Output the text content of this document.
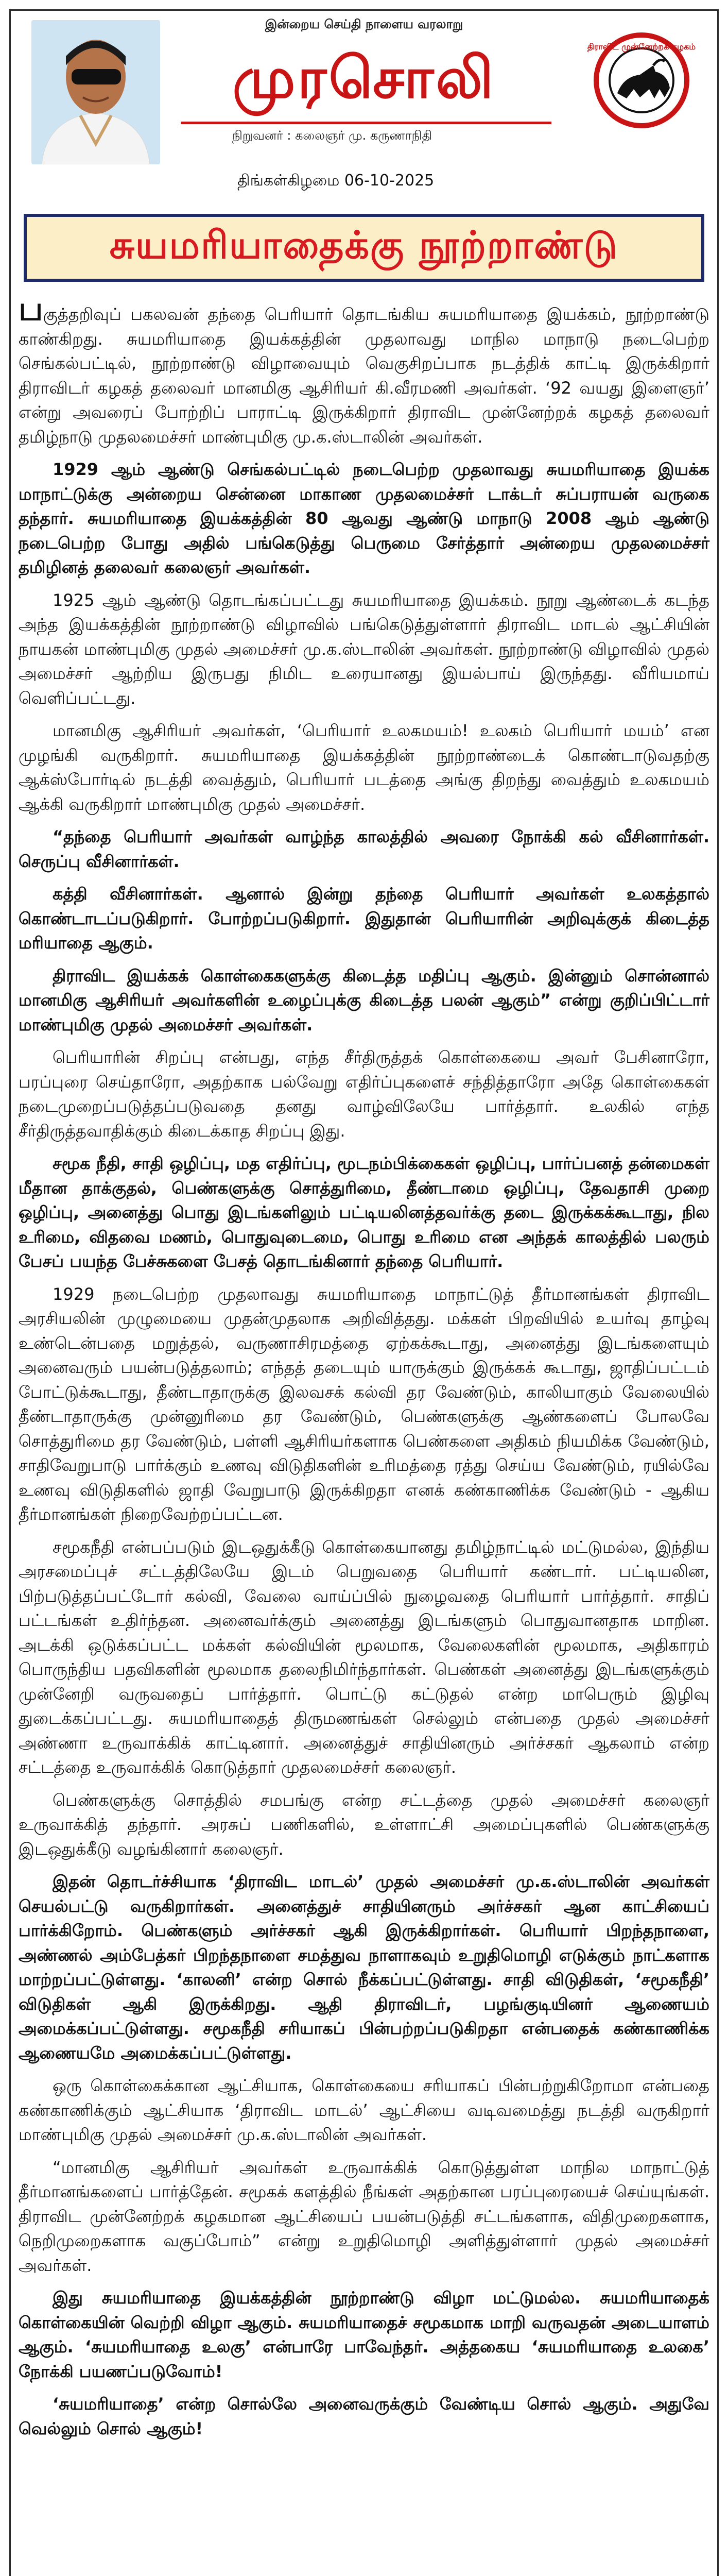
இன்றைய செய்தி நாளைய வரலாறு
முரசொலி
நிறுவனர் : கலைஞர் மு. கருணாநிதி
திங்கள்கிழமை 06-10-2025
திராவிட முன்னேற்றக் கழகம்
சுயமரியாதைக்கு நூற்றாண்டு

பகுத்தறிவுப் பகலவன் தந்தை பெரியார் தொடங்கிய சுயமரியாதை இயக்கம், நூற்றாண்டு காண்கிறது. சுயமரியாதை இயக்கத்தின் முதலாவது மாநில மாநாடு நடைபெற்ற செங்கல்பட்டில், நூற்றாண்டு விழாவையும் வெகுசிறப்பாக நடத்திக் காட்டி இருக்கிறார் திராவிடர் கழகத் தலைவர் மானமிகு ஆசிரியர் கி.வீரமணி அவர்கள். ‘92 வயது இளைஞர்’ என்று அவரைப் போற்றிப் பாராட்டி இருக்கிறார் திராவிட முன்னேற்றக் கழகத் தலைவர் தமிழ்நாடு முதலமைச்சர் மாண்புமிகு மு.க.ஸ்டாலின் அவர்கள்.

1929 ஆம் ஆண்டு செங்கல்பட்டில் நடைபெற்ற முதலாவது சுயமரியாதை இயக்க மாநாட்டுக்கு அன்றைய சென்னை மாகாண முதலமைச்சர் டாக்டர் சுப்பராயன் வருகை தந்தார். சுயமரியாதை இயக்கத்தின் 80 ஆவது ஆண்டு மாநாடு 2008 ஆம் ஆண்டு நடைபெற்ற போது அதில் பங்கெடுத்து பெருமை சேர்த்தார் அன்றைய முதலமைச்சர் தமிழினத் தலைவர் கலைஞர் அவர்கள்.

1925 ஆம் ஆண்டு தொடங்கப்பட்டது சுயமரியாதை இயக்கம். நூறு ஆண்டைக் கடந்த அந்த இயக்கத்தின் நூற்றாண்டு விழாவில் பங்கெடுத்துள்ளார் திராவிட மாடல் ஆட்சியின் நாயகன் மாண்புமிகு முதல் அமைச்சர் மு.க.ஸ்டாலின் அவர்கள். நூற்றாண்டு விழாவில் முதல் அமைச்சர் ஆற்றிய இருபது நிமிட உரையானது இயல்பாய் இருந்தது. வீரியமாய் வெளிப்பட்டது.

மானமிகு ஆசிரியர் அவர்கள், ‘பெரியார் உலகமயம்! உலகம் பெரியார் மயம்’ என முழங்கி வருகிறார். சுயமரியாதை இயக்கத்தின் நூற்றாண்டைக் கொண்டாடுவதற்கு ஆக்ஸ்போர்டில் நடத்தி வைத்தும், பெரியார் படத்தை அங்கு திறந்து வைத்தும் உலகமயம் ஆக்கி வருகிறார் மாண்புமிகு முதல் அமைச்சர்.

“தந்தை பெரியார் அவர்கள் வாழ்ந்த காலத்தில் அவரை நோக்கி கல் வீசினார்கள். செருப்பு வீசினார்கள்.

கத்தி வீசினார்கள். ஆனால் இன்று தந்தை பெரியார் அவர்கள் உலகத்தால் கொண்டாடப்படுகிறார். போற்றப்படுகிறார். இதுதான் பெரியாரின் அறிவுக்குக் கிடைத்த மரியாதை ஆகும்.

திராவிட இயக்கக் கொள்கைகளுக்கு கிடைத்த மதிப்பு ஆகும். இன்னும் சொன்னால் மானமிகு ஆசிரியர் அவர்களின் உழைப்புக்கு கிடைத்த பலன் ஆகும்” என்று குறிப்பிட்டார் மாண்புமிகு முதல் அமைச்சர் அவர்கள்.

பெரியாரின் சிறப்பு என்பது, எந்த சீர்திருத்தக் கொள்கையை அவர் பேசினாரோ, பரப்புரை செய்தாரோ, அதற்காக பல்வேறு எதிர்ப்புகளைச் சந்தித்தாரோ அதே கொள்கைகள் நடைமுறைப்படுத்தப்படுவதை தனது வாழ்விலேயே பார்த்தார். உலகில் எந்த சீர்திருத்தவாதிக்கும் கிடைக்காத சிறப்பு இது.

சமூக நீதி, சாதி ஒழிப்பு, மத எதிர்ப்பு, மூடநம்பிக்கைகள் ஒழிப்பு, பார்ப்பனத் தன்மைகள் மீதான தாக்குதல், பெண்களுக்கு சொத்துரிமை, தீண்டாமை ஒழிப்பு, தேவதாசி முறை ஒழிப்பு, அனைத்து பொது இடங்களிலும் பட்டியலினத்தவர்க்கு தடை இருக்கக்கூடாது, நில உரிமை, விதவை மணம், பொதுவுடைமை, பொது உரிமை என அந்தக் காலத்தில் பலரும் பேசப் பயந்த பேச்சுகளை பேசத் தொடங்கினார் தந்தை பெரியார்.

1929 நடைபெற்ற முதலாவது சுயமரியாதை மாநாட்டுத் தீர்மானங்கள் திராவிட அரசியலின் முழுமையை முதன்முதலாக அறிவித்தது. மக்கள் பிறவியில் உயர்வு தாழ்வு உண்டென்பதை மறுத்தல், வருணாசிரமத்தை ஏற்கக்கூடாது, அனைத்து இடங்களையும் அனைவரும் பயன்படுத்தலாம்; எந்தத் தடையும் யாருக்கும் இருக்கக் கூடாது, ஜாதிப்பட்டம் போட்டுக்கூடாது, தீண்டாதாருக்கு இலவசக் கல்வி தர வேண்டும், காலியாகும் வேலையில் தீண்டாதாருக்கு முன்னுரிமை தர வேண்டும், பெண்களுக்கு ஆண்களைப் போலவே சொத்துரிமை தர வேண்டும், பள்ளி ஆசிரியர்களாக பெண்களை அதிகம் நியமிக்க வேண்டும், சாதிவேறுபாடு பார்க்கும் உணவு விடுதிகளின் உரிமத்தை ரத்து செய்ய வேண்டும், ரயில்வே உணவு விடுதிகளில் ஜாதி வேறுபாடு இருக்கிறதா எனக் கண்காணிக்க வேண்டும் - ஆகிய தீர்மானங்கள் நிறைவேற்றப்பட்டன.

சமூகநீதி என்பப்படும் இடஒதுக்கீடு கொள்கையானது தமிழ்நாட்டில் மட்டுமல்ல, இந்திய அரசமைப்புச் சட்டத்திலேயே இடம் பெறுவதை பெரியார் கண்டார். பட்டியலின, பிற்படுத்தப்பட்டோர் கல்வி, வேலை வாய்ப்பில் நுழைவதை பெரியார் பார்த்தார். சாதிப் பட்டங்கள் உதிர்ந்தன. அனைவர்க்கும் அனைத்து இடங்களும் பொதுவானதாக மாறின. அடக்கி ஒடுக்கப்பட்ட மக்கள் கல்வியின் மூலமாக, வேலைகளின் மூலமாக, அதிகாரம் பொருந்திய பதவிகளின் மூலமாக தலைநிமிர்ந்தார்கள். பெண்கள் அனைத்து இடங்களுக்கும் முன்னேறி வருவதைப் பார்த்தார். பொட்டு கட்டுதல் என்ற மாபெரும் இழிவு துடைக்கப்பட்டது. சுயமரியாதைத் திருமணங்கள் செல்லும் என்பதை முதல் அமைச்சர் அண்ணா உருவாக்கிக் காட்டினார். அனைத்துச் சாதியினரும் அர்ச்சகர் ஆகலாம் என்ற சட்டத்தை உருவாக்கிக் கொடுத்தார் முதலமைச்சர் கலைஞர்.

பெண்களுக்கு சொத்தில் சமபங்கு என்ற சட்டத்தை முதல் அமைச்சர் கலைஞர் உருவாக்கித் தந்தார். அரசுப் பணிகளில், உள்ளாட்சி அமைப்புகளில் பெண்களுக்கு இடஒதுக்கீடு வழங்கினார் கலைஞர்.

இதன் தொடர்ச்சியாக ‘திராவிட மாடல்’ முதல் அமைச்சர் மு.க.ஸ்டாலின் அவர்கள் செயல்பட்டு வருகிறார்கள். அனைத்துச் சாதியினரும் அர்ச்சகர் ஆன காட்சியைப் பார்க்கிறோம். பெண்களும் அர்ச்சகர் ஆகி இருக்கிறார்கள். பெரியார் பிறந்தநாளை, அண்ணல் அம்பேத்கர் பிறந்தநாளை சமத்துவ நாளாகவும் உறுதிமொழி எடுக்கும் நாட்களாக மாற்றப்பட்டுள்ளது. ‘காலனி’ என்ற சொல் நீக்கப்பட்டுள்ளது. சாதி விடுதிகள், ‘சமூகநீதி’ விடுதிகள் ஆகி இருக்கிறது. ஆதி திராவிடர், பழங்குடியினர் ஆணையம் அமைக்கப்பட்டுள்ளது. சமூகநீதி சரியாகப் பின்பற்றப்படுகிறதா என்பதைக் கண்காணிக்க ஆணையமே அமைக்கப்பட்டுள்ளது.

ஒரு கொள்கைக்கான ஆட்சியாக, கொள்கையை சரியாகப் பின்பற்றுகிறோமா என்பதை கண்காணிக்கும் ஆட்சியாக ‘திராவிட மாடல்’ ஆட்சியை வடிவமைத்து நடத்தி வருகிறார் மாண்புமிகு முதல் அமைச்சர் மு.க.ஸ்டாலின் அவர்கள்.

“மானமிகு ஆசிரியர் அவர்கள் உருவாக்கிக் கொடுத்துள்ள மாநில மாநாட்டுத் தீர்மானங்களைப் பார்த்தேன். சமூகக் களத்தில் நீங்கள் அதற்கான பரப்புரையைச் செய்யுங்கள். திராவிட முன்னேற்றக் கழகமான ஆட்சியைப் பயன்படுத்தி சட்டங்களாக, விதிமுறைகளாக, நெறிமுறைகளாக வகுப்போம்” என்று உறுதிமொழி அளித்துள்ளார் முதல் அமைச்சர் அவர்கள்.

இது சுயமரியாதை இயக்கத்தின் நூற்றாண்டு விழா மட்டுமல்ல. சுயமரியாதைக் கொள்கையின் வெற்றி விழா ஆகும். சுயமரியாதைச் சமூகமாக மாறி வருவதன் அடையாளம் ஆகும். ‘சுயமரியாதை உலகு’ என்பாரே பாவேந்தர். அத்தகைய ‘சுயமரியாதை உலகை’ நோக்கி பயணப்படுவோம்!

‘சுயமரியாதை’ என்ற சொல்லே அனைவருக்கும் வேண்டிய சொல் ஆகும். அதுவே வெல்லும் சொல் ஆகும்!
